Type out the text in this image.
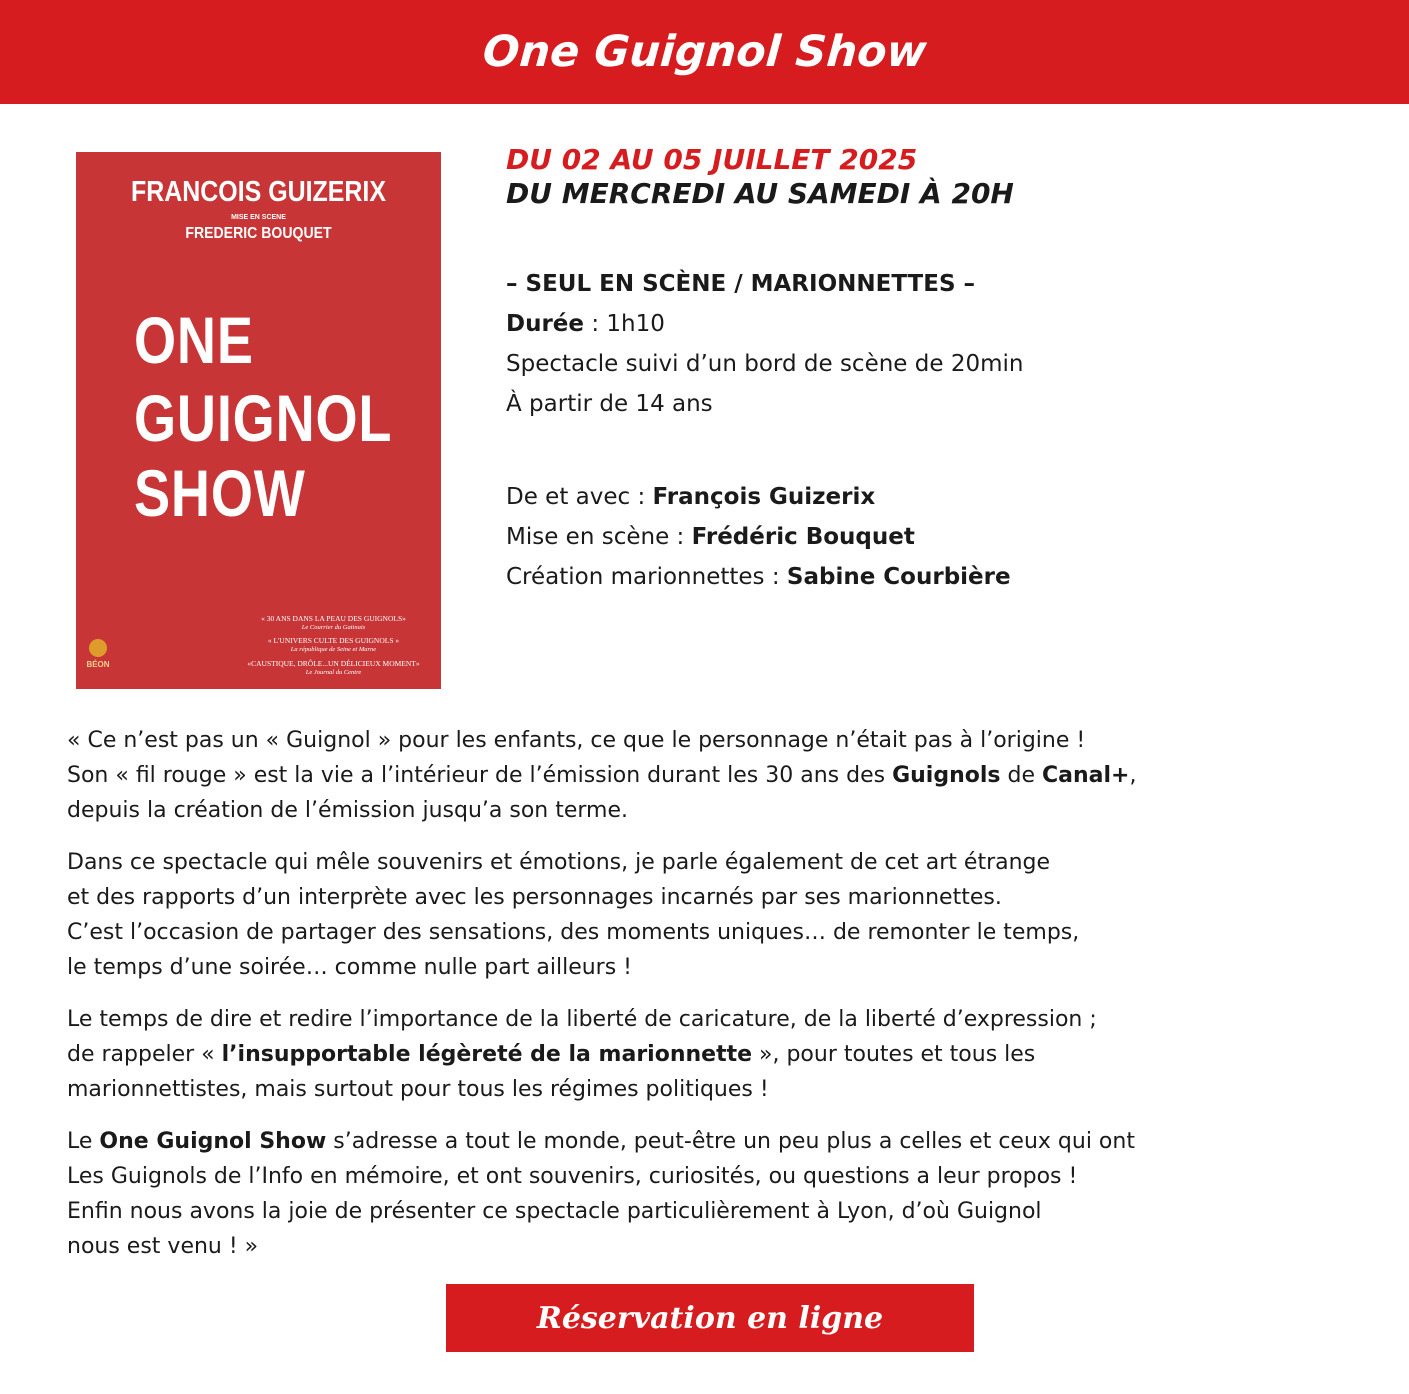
One Guignol Show
FRANCOIS GUIZERIX
MISE EN SCENE
FREDERIC BOUQUET
ONE
GUIGNOL
SHOW
« 30 ANS DANS LA PEAU DES GUIGNOLS»
Le Courrier du Gatinais
« L'UNIVERS CULTE DES GUIGNOLS »
La république de Seine et Marne
«CAUSTIQUE, DRÔLE...UN DÉLICIEUX MOMENT»
Le Journal du Centre
BÉON

DU 02 AU 05 JUILLET 2025

DU MERCREDI AU SAMEDI À 20H

– SEUL EN SCÈNE / MARIONNETTES –
Durée : 1h10
Spectacle suivi d’un bord de scène de 20min
À partir de 14 ans
De et avec : François Guizerix
Mise en scène : Frédéric Bouquet
Création marionnettes : Sabine Courbière

« Ce n’est pas un « Guignol » pour les enfants, ce que le personnage n’était pas à l’origine !
Son « fil rouge » est la vie a l’intérieur de l’émission durant les 30 ans des Guignols de Canal+,
depuis la création de l’émission jusqu’a son terme.

Dans ce spectacle qui mêle souvenirs et émotions, je parle également de cet art étrange
et des rapports d’un interprète avec les personnages incarnés par ses marionnettes.
C’est l’occasion de partager des sensations, des moments uniques… de remonter le temps,
le temps d’une soirée… comme nulle part ailleurs !

Le temps de dire et redire l’importance de la liberté de caricature, de la liberté d’expression ;
de rappeler « l’insupportable légèreté de la marionnette », pour toutes et tous les
marionnettistes, mais surtout pour tous les régimes politiques !

Le One Guignol Show s’adresse a tout le monde, peut-être un peu plus a celles et ceux qui ont
Les Guignols de l’Info en mémoire, et ont souvenirs, curiosités, ou questions a leur propos !
Enfin nous avons la joie de présenter ce spectacle particulièrement à Lyon, d’où Guignol
nous est venu ! »

Réservation en ligne
